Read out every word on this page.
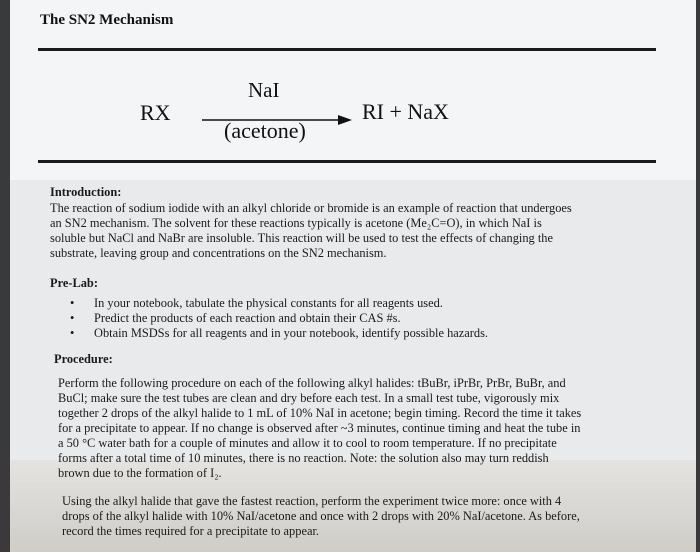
The SN2 Mechanism
RX
NaI
(acetone)
RI + NaX
Introduction:
The reaction of sodium iodide with an alkyl chloride or bromide is an example of reaction that undergoes
an SN2 mechanism. The solvent for these reactions typically is acetone (Me₂C=O), in which NaI is
soluble but NaCl and NaBr are insoluble. This reaction will be used to test the effects of changing the
substrate, leaving group and concentrations on the SN2 mechanism.
Pre-Lab:
• In your notebook, tabulate the physical constants for all reagents used.
• Predict the products of each reaction and obtain their CAS #s.
• Obtain MSDSs for all reagents and in your notebook, identify possible hazards.
Procedure:
Perform the following procedure on each of the following alkyl halides: tBuBr, iPrBr, PrBr, BuBr, and
BuCl; make sure the test tubes are clean and dry before each test. In a small test tube, vigorously mix
together 2 drops of the alkyl halide to 1 mL of 10% NaI in acetone; begin timing. Record the time it takes
for a precipitate to appear. If no change is observed after ~3 minutes, continue timing and heat the tube in
a 50 °C water bath for a couple of minutes and allow it to cool to room temperature. If no precipitate
forms after a total time of 10 minutes, there is no reaction. Note: the solution also may turn reddish
brown due to the formation of I₂.
Using the alkyl halide that gave the fastest reaction, perform the experiment twice more: once with 4
drops of the alkyl halide with 10% NaI/acetone and once with 2 drops with 20% NaI/acetone. As before,
record the times required for a precipitate to appear.
